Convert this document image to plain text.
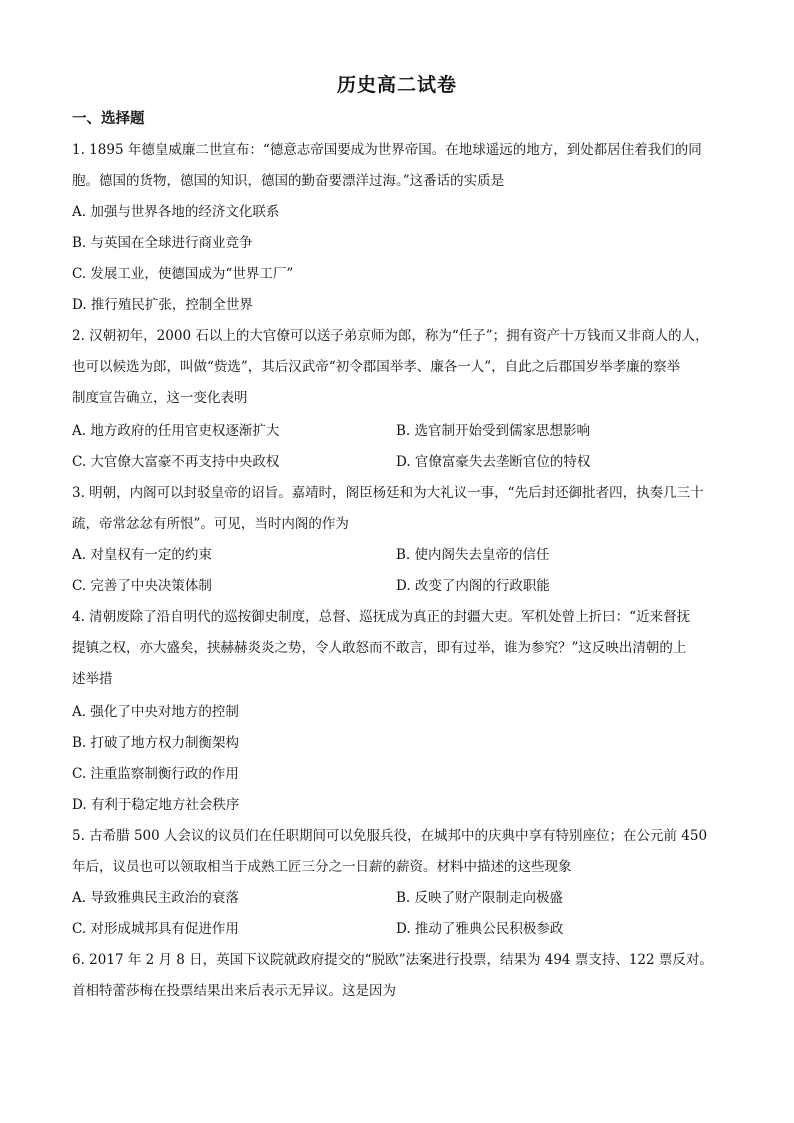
历史高二试卷
一、选择题
1. 1895 年德皇威廉二世宣布：“德意志帝国要成为世界帝国。在地球遥远的地方，到处都居住着我们的同
胞。德国的货物，德国的知识，德国的勤奋要漂洋过海。”这番话的实质是
A. 加强与世界各地的经济文化联系
B. 与英国在全球进行商业竞争
C. 发展工业，使德国成为“世界工厂”
D. 推行殖民扩张，控制全世界
2. 汉朝初年，2000 石以上的大官僚可以送子弟京师为郎，称为“任子”；拥有资产十万钱而又非商人的人，
也可以候选为郎，叫做“赀选”，其后汉武帝“初令郡国举孝、廉各一人”，自此之后郡国岁举孝廉的察举
制度宣告确立，这一变化表明
A. 地方政府的任用官吏权逐渐扩大	B. 选官制开始受到儒家思想影响
C. 大官僚大富豪不再支持中央政权	D. 官僚富豪失去垄断官位的特权
3. 明朝，内阁可以封驳皇帝的诏旨。嘉靖时，阁臣杨廷和为大礼议一事，“先后封还御批者四，执奏几三十
疏，帝常忿忿有所恨”。可见，当时内阁的作为
A. 对皇权有一定的约束	B. 使内阁失去皇帝的信任
C. 完善了中央决策体制	D. 改变了内阁的行政职能
4. 清朝废除了沿自明代的巡按御史制度，总督、巡抚成为真正的封疆大吏。军机处曾上折曰：“近来督抚
提镇之权，亦大盛矣，挟赫赫炎炎之势，令人敢怒而不敢言，即有过举，谁为参究？”这反映出清朝的上
述举措
A. 强化了中央对地方的控制
B. 打破了地方权力制衡架构
C. 注重监察制衡行政的作用
D. 有利于稳定地方社会秩序
5. 古希腊 500 人会议的议员们在任职期间可以免服兵役，在城邦中的庆典中享有特别座位；在公元前 450
年后，议员也可以领取相当于成熟工匠三分之一日薪的薪资。材料中描述的这些现象
A. 导致雅典民主政治的衰落	B. 反映了财产限制走向极盛
C. 对形成城邦具有促进作用	D. 推动了雅典公民积极参政
6. 2017 年 2 月 8 日，英国下议院就政府提交的“脱欧”法案进行投票，结果为 494 票支持、122 票反对。
首相特蕾莎梅在投票结果出来后表示无异议。这是因为
